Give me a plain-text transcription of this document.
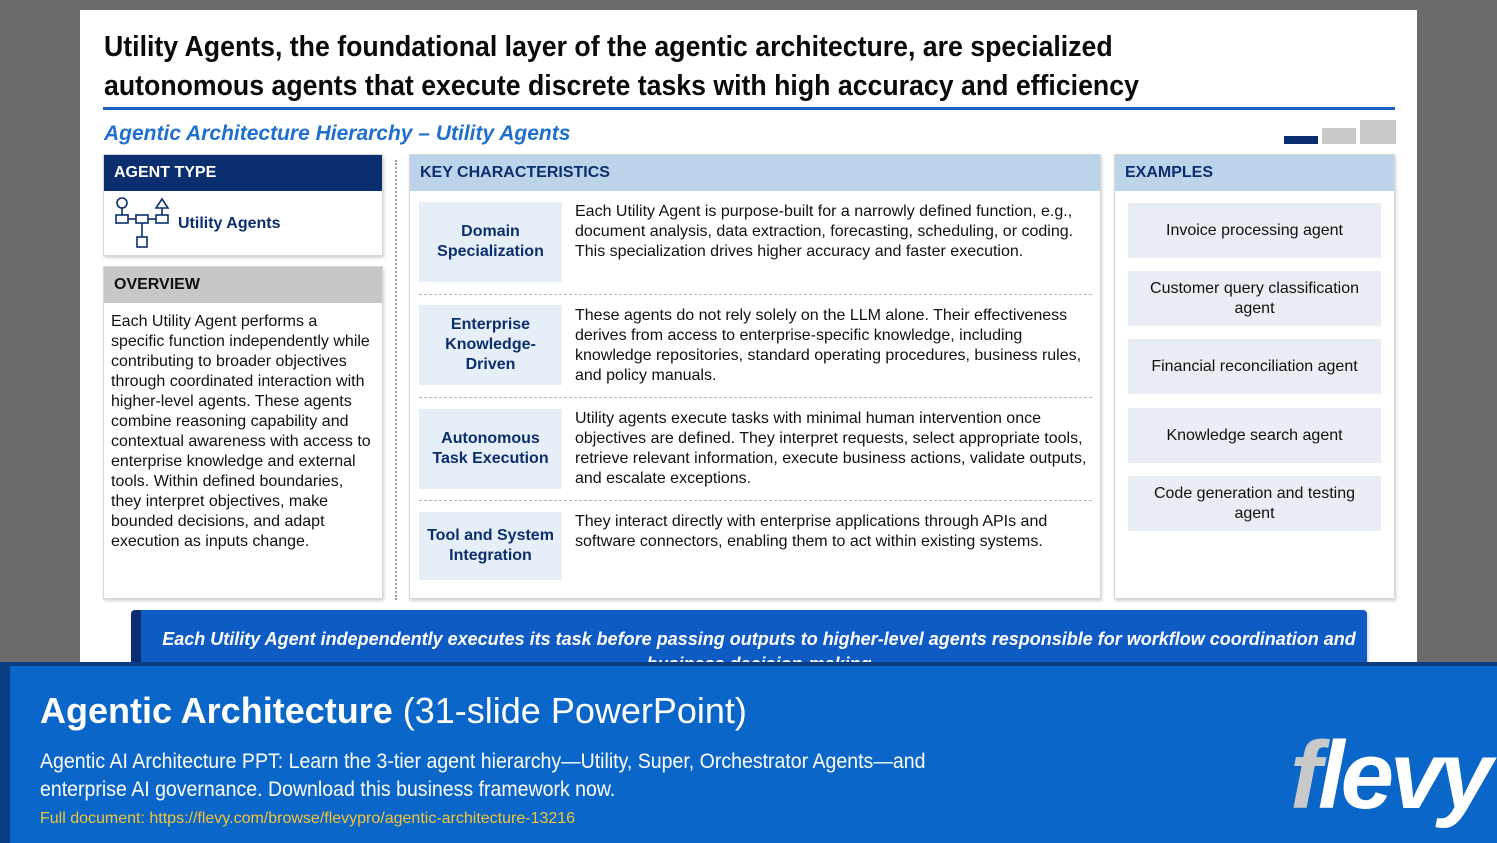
Utility Agents, the foundational layer of the agentic architecture, are specialized autonomous agents that execute discrete tasks with high accuracy and efficiency
Agentic Architecture Hierarchy – Utility Agents
AGENT TYPE
Utility Agents
OVERVIEW
Each Utility Agent performs a specific function independently while contributing to broader objectives through coordinated interaction with higher-level agents. These agents combine reasoning capability and contextual awareness with access to enterprise knowledge and external tools. Within defined boundaries, they interpret objectives, make bounded decisions, and adapt execution as inputs change.
KEY CHARACTERISTICS
Domain Specialization
Each Utility Agent is purpose-built for a narrowly defined function, e.g., document analysis, data extraction, forecasting, scheduling, or coding. This specialization drives higher accuracy and faster execution.
Enterprise Knowledge-Driven
These agents do not rely solely on the LLM alone. Their effectiveness derives from access to enterprise-specific knowledge, including knowledge repositories, standard operating procedures, business rules, and policy manuals.
Autonomous Task Execution
Utility agents execute tasks with minimal human intervention once objectives are defined. They interpret requests, select appropriate tools, retrieve relevant information, execute business actions, validate outputs, and escalate exceptions.
Tool and System Integration
They interact directly with enterprise applications through APIs and software connectors, enabling them to act within existing systems.
EXAMPLES
Invoice processing agent
Customer query classification agent
Financial reconciliation agent
Knowledge search agent
Code generation and testing agent
Each Utility Agent independently executes its task before passing outputs to higher-level agents responsible for workflow coordination and
Agentic Architecture (31-slide PowerPoint)
Agentic AI Architecture PPT: Learn the 3-tier agent hierarchy—Utility, Super, Orchestrator Agents—and enterprise AI governance. Download this business framework now.
Full document: https://flevy.com/browse/flevypro/agentic-architecture-13216	flevy
